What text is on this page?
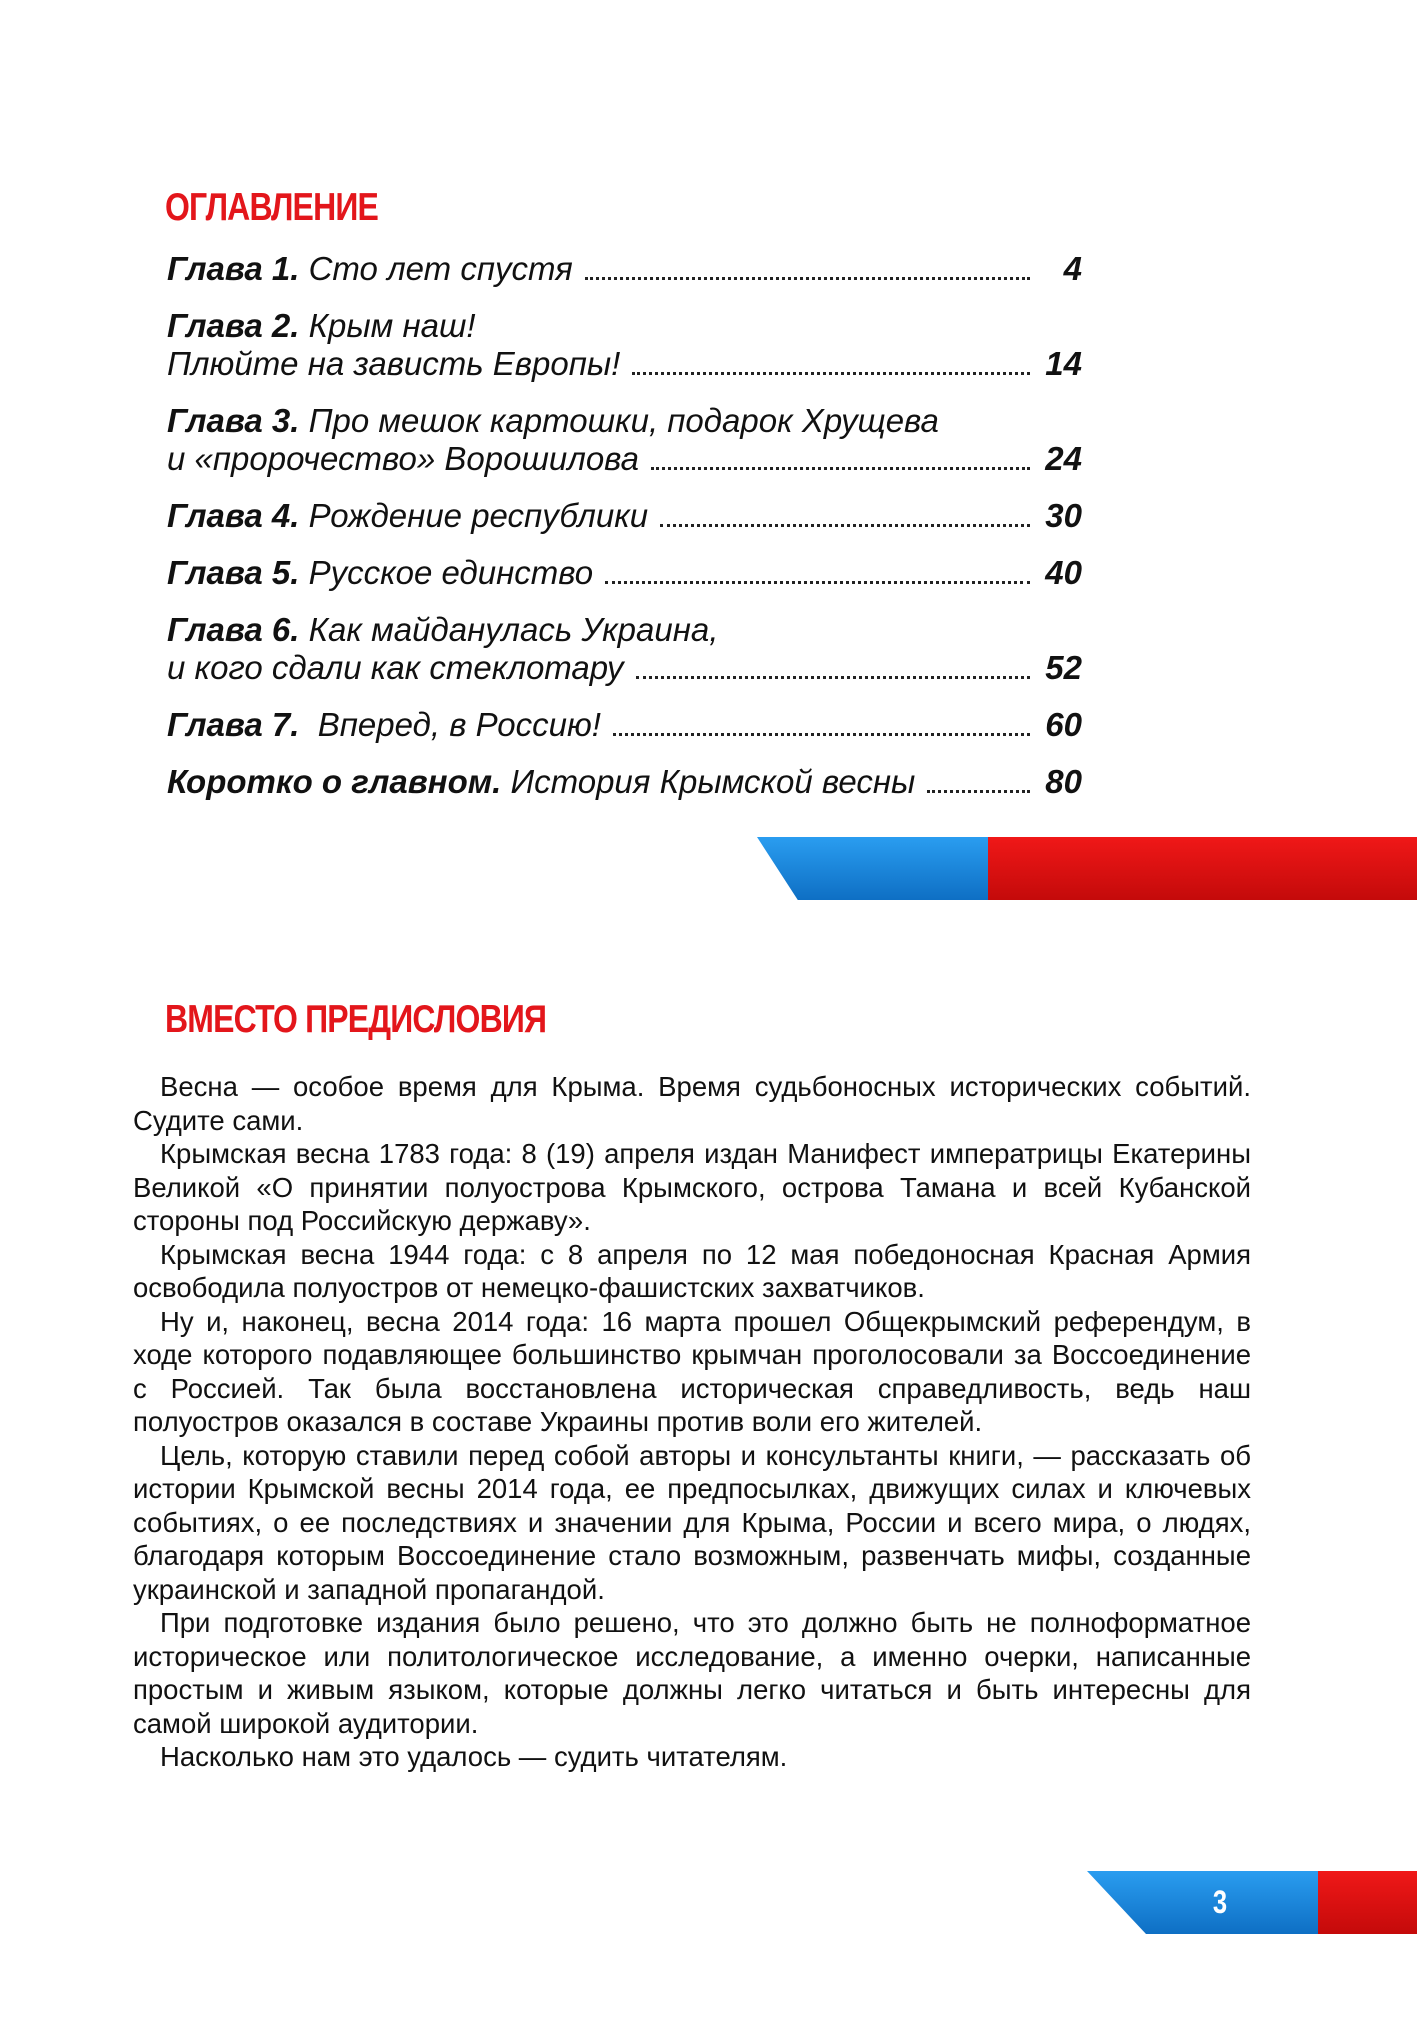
ОГЛАВЛЕНИЕ
Глава 1.
Сто лет спустя	4
Глава 2.
Крым наш!
Плюйте на зависть Европы!	14
Глава 3.
Про мешок картошки, подарок Хрущева
и «пророчество» Ворошилова	24
Глава 4.
Рождение республики	30
Глава 5.
Русское единство	40
Глава 6.
Как майданулась Украина,
и кого сдали как стеклотару	52
Глава 7.
Вперед, в Россию!	60
Коротко о главном.
История Крымской весны	80
ВМЕСТО ПРЕДИСЛОВИЯ

Весна — особое время для Крыма. Время судьбоносных исторических событий. Судите сами.

Крымская весна 1783 года: 8 (19) апреля издан Манифест императрицы Екатерины Великой «О принятии полуострова Крымского, острова Тамана и всей Кубанской стороны под Российскую державу».

Крымская весна 1944 года: с 8 апреля по 12 мая победоносная Красная Армия освободила полуостров от немецко-фашистских захватчиков.

Ну и, наконец, весна 2014 года: 16 марта прошел Общекрымский референдум, в ходе которого подавляющее большинство крымчан проголосовали за Воссоединение с Россией. Так была восстановлена историческая справедливость, ведь наш полуостров оказался в составе Украины против воли его жителей.

Цель, которую ставили перед собой авторы и консультанты книги, — рассказать об истории Крымской весны 2014 года, ее предпосылках, движущих силах и ключевых событиях, о ее последствиях и значении для Крыма, России и всего мира, о людях, благодаря которым Воссоединение стало возможным, развенчать мифы, созданные украинской и западной пропагандой.

При подготовке издания было решено, что это должно быть не полноформатное историческое или политологическое исследование, а именно очерки, написанные простым и живым языком, которые должны легко читаться и быть интересны для самой широкой аудитории.

Насколько нам это удалось — судить читателям.

3
